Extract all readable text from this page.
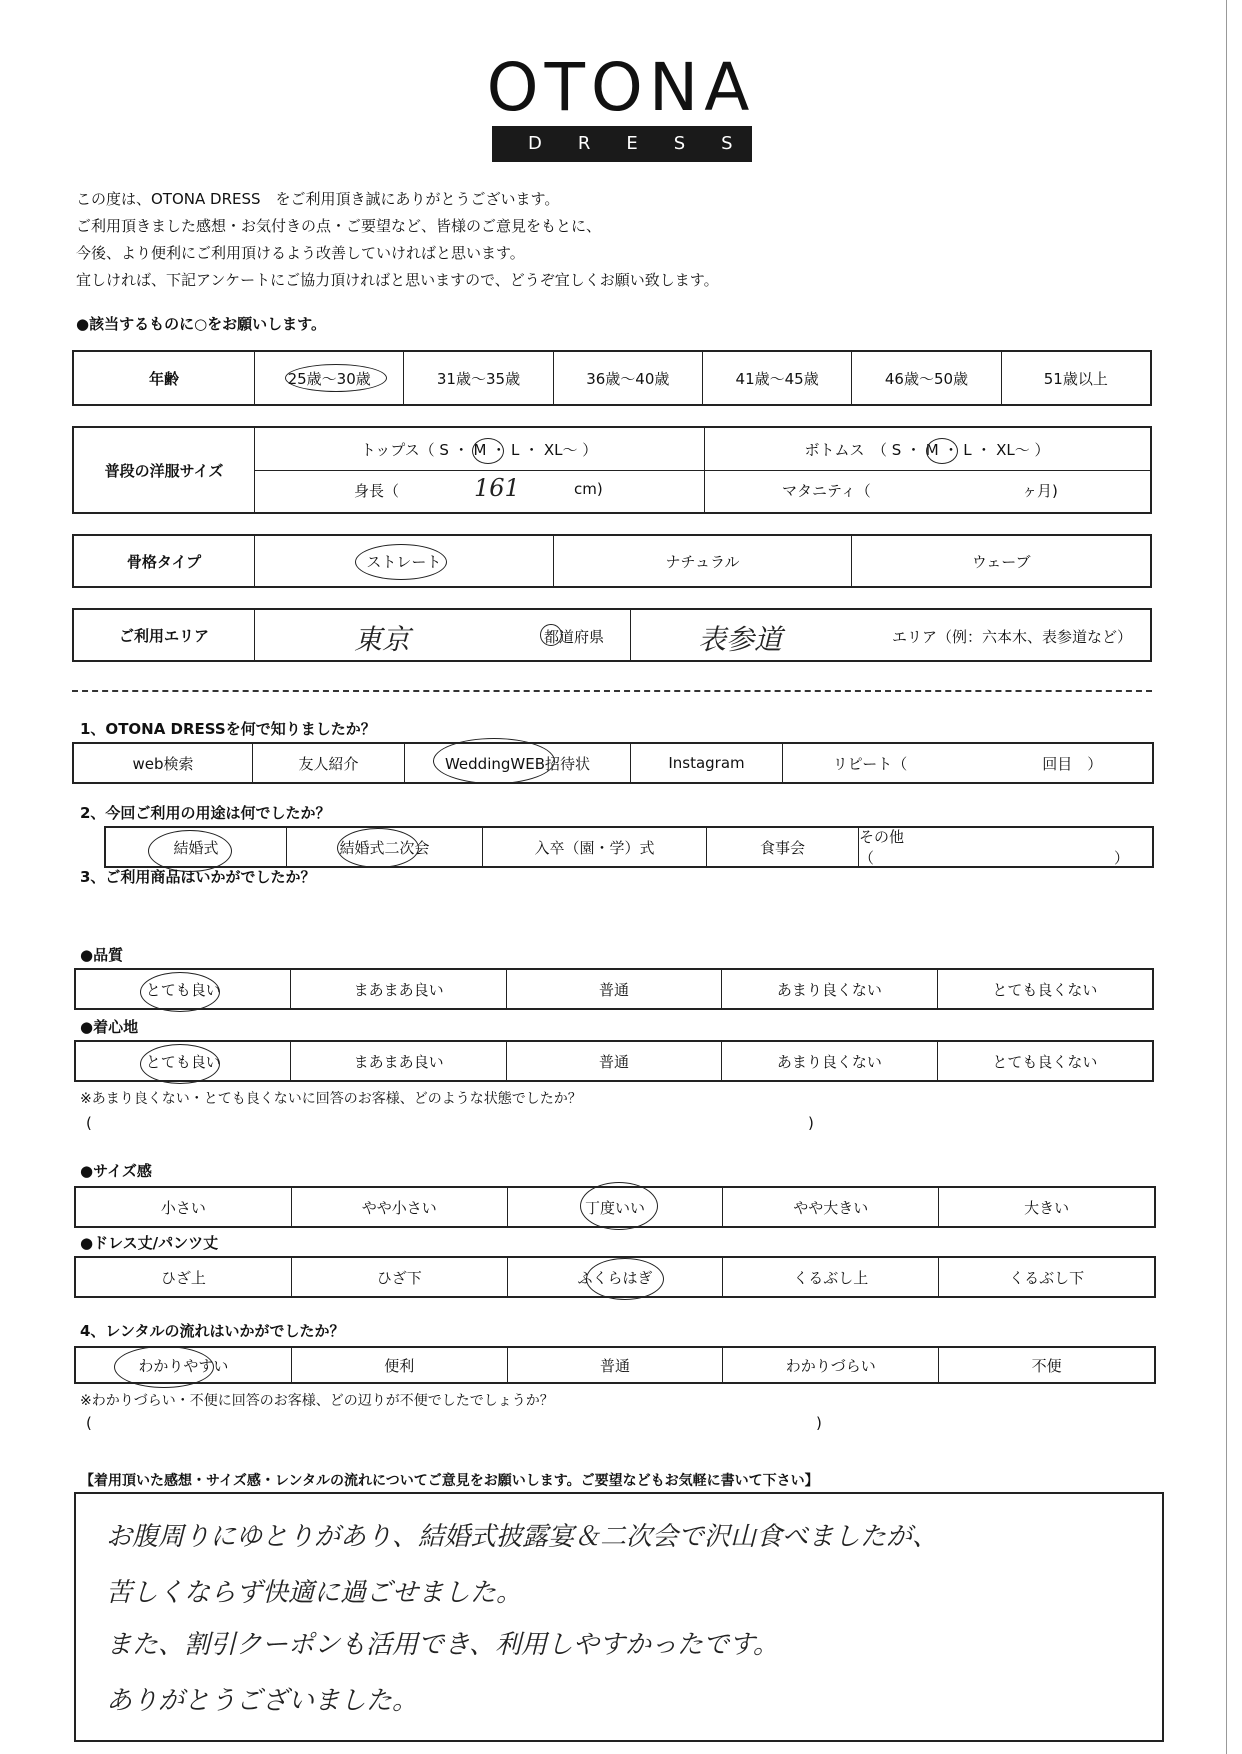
OTONA
DRESS
この度は、OTONA DRESS　をご利用頂き誠にありがとうございます。
ご利用頂きました感想・お気付きの点・ご要望など、皆様のご意見をもとに、
今後、より便利にご利用頂けるよう改善していければと思います。
宜しければ、下記アンケートにご協力頂ければと思いますので、どうぞ宜しくお願い致します。
●該当するものに○をお願いします。
年齢	25歳〜30歳	31歳〜35歳	36歳〜40歳	41歳〜45歳	46歳〜50歳	51歳以上
普段の洋服サイズ
トップス（ S ・ M ・ L ・ XL〜 ）	ボトムス　（ S ・ M ・ L ・ XL〜 ）
身長（	161	cm)	マタニティ（	ヶ月)
骨格タイプ	ストレート	ナチュラル	ウェーブ
ご利用エリア	東京	都道府県	表参道	エリア（例：六本木、表参道など）
1、OTONA DRESSを何で知りましたか？
web検索	友人紹介	WeddingWEB招待状	Instagram	リピート（　　　　　　　　　回目　）
2、今回ご利用の用途は何でしたか？
結婚式	結婚式二次会	入卒（園・学）式	食事会
その他（　　　　　　　　　　　　　　　　）
3、ご利用商品はいかがでしたか？
●品質
とても良い	まあまあ良い	普通	あまり良くない	とても良くない
●着心地
とても良い	まあまあ良い	普通	あまり良くない	とても良くない
※あまり良くない・とても良くないに回答のお客様、どのような状態でしたか？
(	)
●サイズ感
小さい	やや小さい	丁度いい	やや大きい	大きい
●ドレス丈/パンツ丈
ひざ上	ひざ下	ふくらはぎ	くるぶし上	くるぶし下
4、レンタルの流れはいかがでしたか？
わかりやすい	便利	普通	わかりづらい	不便
※わかりづらい・不便に回答のお客様、どの辺りが不便でしたでしょうか？
(	)
【着用頂いた感想・サイズ感・レンタルの流れについてご意見をお願いします。ご要望などもお気軽に書いて下さい】
お腹周りにゆとりがあり、結婚式披露宴＆二次会で沢山食べましたが、
苦しくならず快適に過ごせました。
また、割引クーポンも活用でき、利用しやすかったです。
ありがとうございました。
